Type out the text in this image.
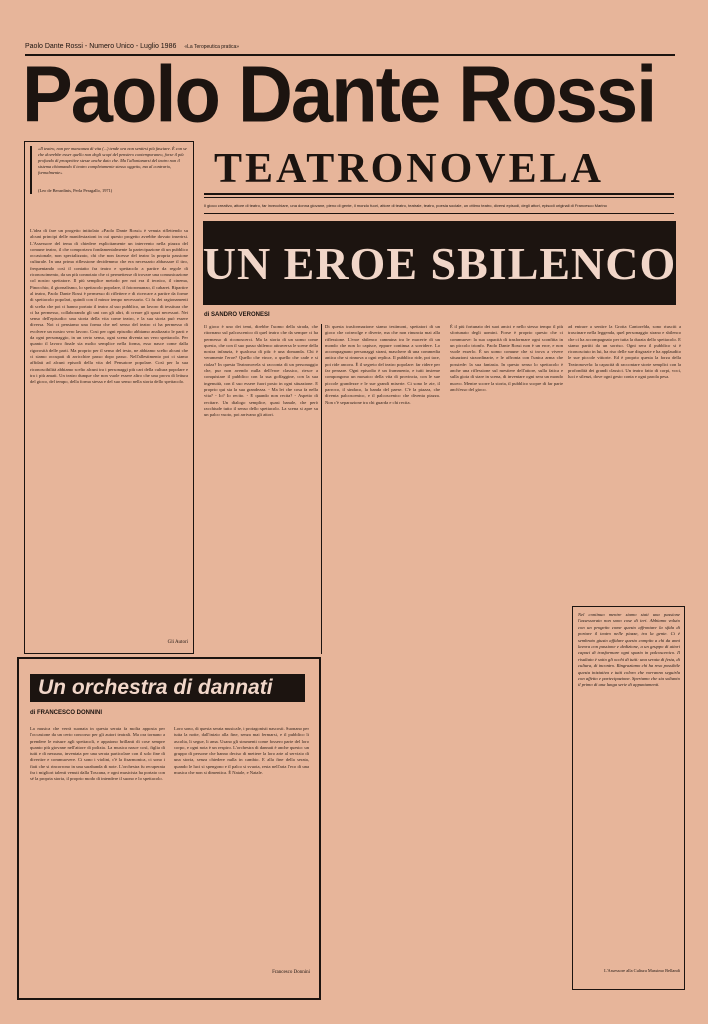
Paolo Dante Rossi - Numero Unico - Luglio 1986 «La Teropeutica pratica»
Paolo Dante Rossi
TEATRONOVELA
Il gioco creativo, attore di teatro, far invecchiare, una donna giovane, pieno di gente, il mondo fuori, attore di teatro, teatrale, teatro, poesia sociale, un ottimo teatro, diversi episodi, degli attori, episodi originali di Francesco Marino
«Il teatro, non per mancanza di vita (...) tende ora non sentirsi più fasciare. È con se che dovrebbe esser quello non degli scopi del pensiero contemporaneo, forse il più profondo di prospettive stesse anche dato che. Ma l'allontanarsi del teatro non il sistema chiamando il teatro completamente stesso oggetto, ma al contrario, formalmente»
(Leo de Berardinis, Perla Peragallo, 1971)
L'idea di fare un progetto intitolato «Paolo Dante Rossi» è venuta riflettendo su alcuni principi delle manifestazioni in cui questo progetto avrebbe dovuto inserirsi. L'Assessore del tema di chiedere esplicitamente un intervento nella piazza del comune teatro, il che comportava fondamentalmente la partecipazione di un pubblico occasionale, non specializzato, chi che non facesse del teatro la propria passione culturale. In una prima riflessione decidemmo che era necessario abbassare il tiro, frequentando così il contatto fra teatro e spettacolo a partire da regole di riconoscimento, da un più connotato che ci permettesse di trovare una comunicazione col nostro spettatore. Il più semplice metodo per noi era il tecnico, il cinema, Pinocchio, il giornalismo, lo spettacolo popolare, il fotoromanzo, il cabaret. Ripartire al teatro, Paolo Dante Rossi è permesso di riflettere e di ricercare a partire da forme di spettacolo popolari, quindi con il minor tempo necessario. Ci fu dei ragionamenti di scelta che poi ci hanno portato il teatro al suo pubblico, un lavoro di tessitura che ci ha permesso, collaborando gli uni con gli altri, di creare gli spazi necessari. Nei senso dell'episodio: una storia della vita come teatro, e la sua storia può essere diversa. Noi ci pensiamo una forma che nel senso del teatro ci ha permesso di evolvere un nostro vero lavoro. Cosi per ogni episodio abbiamo analizzato le parti e da ogni personaggio, in un certo senso, ogni scena diventa un vero spettacolo. Per quanto il lavoro finale sia molto semplice nella forma, esso nasce come dalla rigorosità delle parti. Ma proprio per il senso del testo, ne abbiamo scelto alcuni che ci siamo occupati di arricchire passo dopo passo. Nell'allestimento poi ci siamo affidati ad alcuni episodi della vita del Pensatore popolare. Così per la sua riconoscibilità abbiamo scelto alcuni tra i personaggi più cari della cultura popolare e tra i più amati. Un teatro dunque che non vuole essere altro che una prova di lettura del gioco, del tempo, della forma stessa e del suo senso nella storia dello spettacolo.
Gli Autori
UN EROE SBILENCO
di SANDRO VERONESI
Il gioco è uno dei temi, direbbe l'uomo della strada, che ritornano sul palcoscenico di quel teatro che da sempre ci ha permesso di riconoscerci. Ma la storia di un uomo come questo, che con il suo passo sbilenco attraversa le scene della nostra infanzia, è qualcosa di più: è una domanda. Chi è veramente l'eroe? Quello che vince, o quello che cade e si rialza? In questa Teatronovela si racconta di un personaggio che, pur non avendo nulla dell'eroe classico, riesce a conquistare il pubblico con la sua goffaggine, con la sua ingenuità, con il suo essere fuori posto in ogni situazione. E proprio qui sta la sua grandezza. - Ma lei che cosa fa nella vita? - Io? Io recito. - E quando non recita? - Aspetto di recitare. Un dialogo semplice, quasi banale, che però racchiude tutto il senso dello spettacolo. La scena si apre su un palco vuoto, poi arrivano gli attori.
Di questa trasformazione siamo testimoni, spettatori di un gioco che coinvolge e diverte, ma che non rinuncia mai alla riflessione. L'eroe sbilenco cammina tra le macerie di un mondo che non lo capisce, eppure continua a sorridere. Lo accompagnano personaggi strani, maschere di una commedia antica che si rinnova a ogni replica. Il pubblico ride, poi tace, poi ride ancora. È il segreto del teatro popolare: far ridere per far pensare. Ogni episodio è un frammento, e tutti insieme compongono un mosaico della vita di provincia, con le sue piccole grandezze e le sue grandi miserie. Ci sono le zie, il parroco, il sindaco, la banda del paese. C'è la piazza, che diventa palcoscenico, e il palcoscenico che diventa piazza. Non c'è separazione tra chi guarda e chi recita.
È il più fortunato dei suoi amici e nello stesso tempo il più sfortunato degli uomini. Forse è proprio questo che ci commuove: la sua capacità di trasformare ogni sconfitta in un piccolo trionfo. Paolo Dante Rossi non è un eroe, e non vuole esserlo. È un uomo comune che si trova a vivere situazioni straordinarie, e le affronta con l'unica arma che possiede: la sua fantasia. In questo senso lo spettacolo è anche una riflessione sul mestiere dell'attore, sulla fatica e sulla gioia di stare in scena, di inventare ogni sera un mondo nuovo. Mentre scorre la storia, il pubblico scopre di far parte anch'esso del gioco.
ad entrare a sentire la Grotta Cantorelda, sono riusciti a trascinare nella leggenda, quel personaggio strano e sbilenco che ci ha accompagnato per tutta la durata dello spettacolo. E siamo partiti da un sorriso. Ogni sera il pubblico si è riconosciuto in lui, ha riso delle sue disgrazie e ha applaudito le sue piccole vittorie. Ed è proprio questa la forza della Teatronovela: la capacità di raccontare storie semplici con la profondità dei grandi classici. Un teatro fatto di corpi, voci, luci e silenzi, dove ogni gesto conta e ogni parola pesa.
Un orchestra di dannati
di FRANCESCO DONNINI
La musica che verrà suonata in questa serata fa molta apposta per l'occasione da un certo concorso per gli autori teatrali. Ma ora tornano a prendere le misure agli spettacoli, e appaiono brillanti di cose sempre quanto più giovane nell'attore di polizia. La musica nasce così, figlia di tutti e di nessuno, inventata per una serata particolare con il solo fine di divertire e commuovere. Ci sono i violini, c'è la fisarmonica, ci sono i fiati che si rincorrono in una sarabanda di note. L'orchestra fu recuperata fra i migliori talenti venuti dalla Toscana, e ogni musicista ha portato con sé la propria storia, il proprio modo di intendere il suono e lo spettacolo.
Loro sono, di questa serata musicale, i protagonisti nascosti. Suonano per tutta la notte, dall'inizio alla fine, senza mai fermarsi, e il pubblico li ascolta, li segue, li ama. Usano gli strumenti come fossero parte del loro corpo, e ogni nota è un respiro. L'orchestra di dannati è anche questo: un gruppo di persone che hanno deciso di mettere la loro arte al servizio di una storia, senza chiedere nulla in cambio. E alla fine della serata, quando le luci si spengono e il palco si svuota, resta nell'aria l'eco di una musica che non si dimentica. È Natale, e Natale.
Francesco Donnini
Nel continuo mentre siamo stati una passione l'assessorato non sono cose di ieri. Abbiamo voluto con un progetto come questo affrontare la sfida di portare il teatro nelle piazze, tra la gente. Ci è sembrato giusto affidare questo compito a chi da anni lavora con passione e dedizione, a un gruppo di attori capaci di trasformare ogni spazio in palcoscenico. Il risultato è sotto gli occhi di tutti: una serata di festa, di cultura, di incontro. Ringraziamo chi ha reso possibile questa iniziativa e tutti coloro che vorranno seguirla con affetto e partecipazione. Speriamo che sia soltanto il primo di una lunga serie di appuntamenti.
L'Assessore alla Cultura Massimo Bellandi
